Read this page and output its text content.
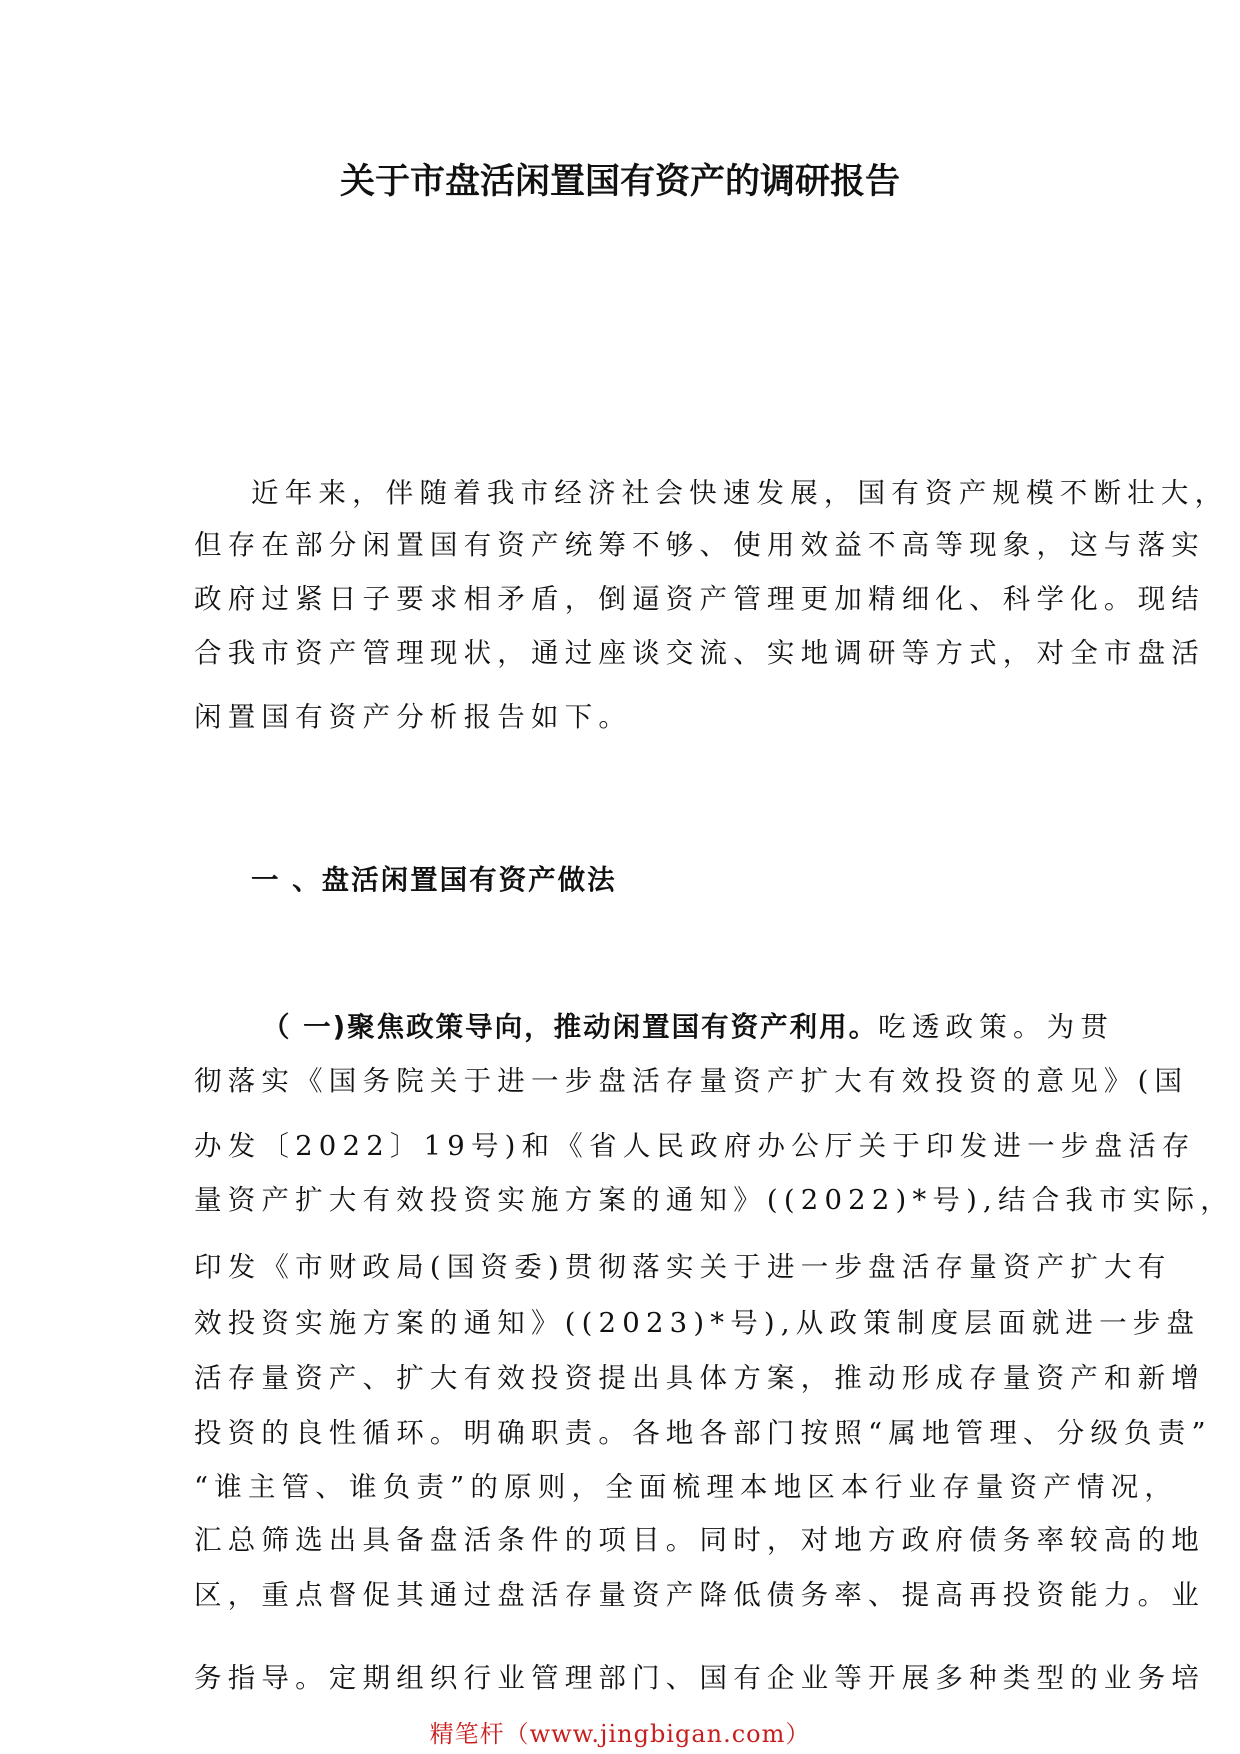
关于市盘活闲置国有资产的调研报告
近年来，伴随着我市经济社会快速发展，国有资产规模不断壮大，
但存在部分闲置国有资产统筹不够、使用效益不高等现象，这与落实
政府过紧日子要求相矛盾，倒逼资产管理更加精细化、科学化。现结
合我市资产管理现状，通过座谈交流、实地调研等方式，对全市盘活
闲置国有资产分析报告如下。
一 、盘活闲置国有资产做法
（ 一)聚焦政策导向，推动闲置国有资产利用。吃透政策。为贯
彻落实《国务院关于进一步盘活存量资产扩大有效投资的意见》(国
办发〔2022〕19号)和《省人民政府办公厅关于印发进一步盘活存
量资产扩大有效投资实施方案的通知》((2022)*号),结合我市实际，
印发《市财政局(国资委)贯彻落实关于进一步盘活存量资产扩大有
效投资实施方案的通知》((2023)*号),从政策制度层面就进一步盘
活存量资产、扩大有效投资提出具体方案，推动形成存量资产和新增
投资的良性循环。明确职责。各地各部门按照“属地管理、分级负责”
“谁主管、谁负责”的原则，全面梳理本地区本行业存量资产情况，
汇总筛选出具备盘活条件的项目。同时，对地方政府债务率较高的地
区，重点督促其通过盘活存量资产降低债务率、提高再投资能力。业
务指导。定期组织行业管理部门、国有企业等开展多种类型的业务培
精笔杆（www.jingbigan.com）
